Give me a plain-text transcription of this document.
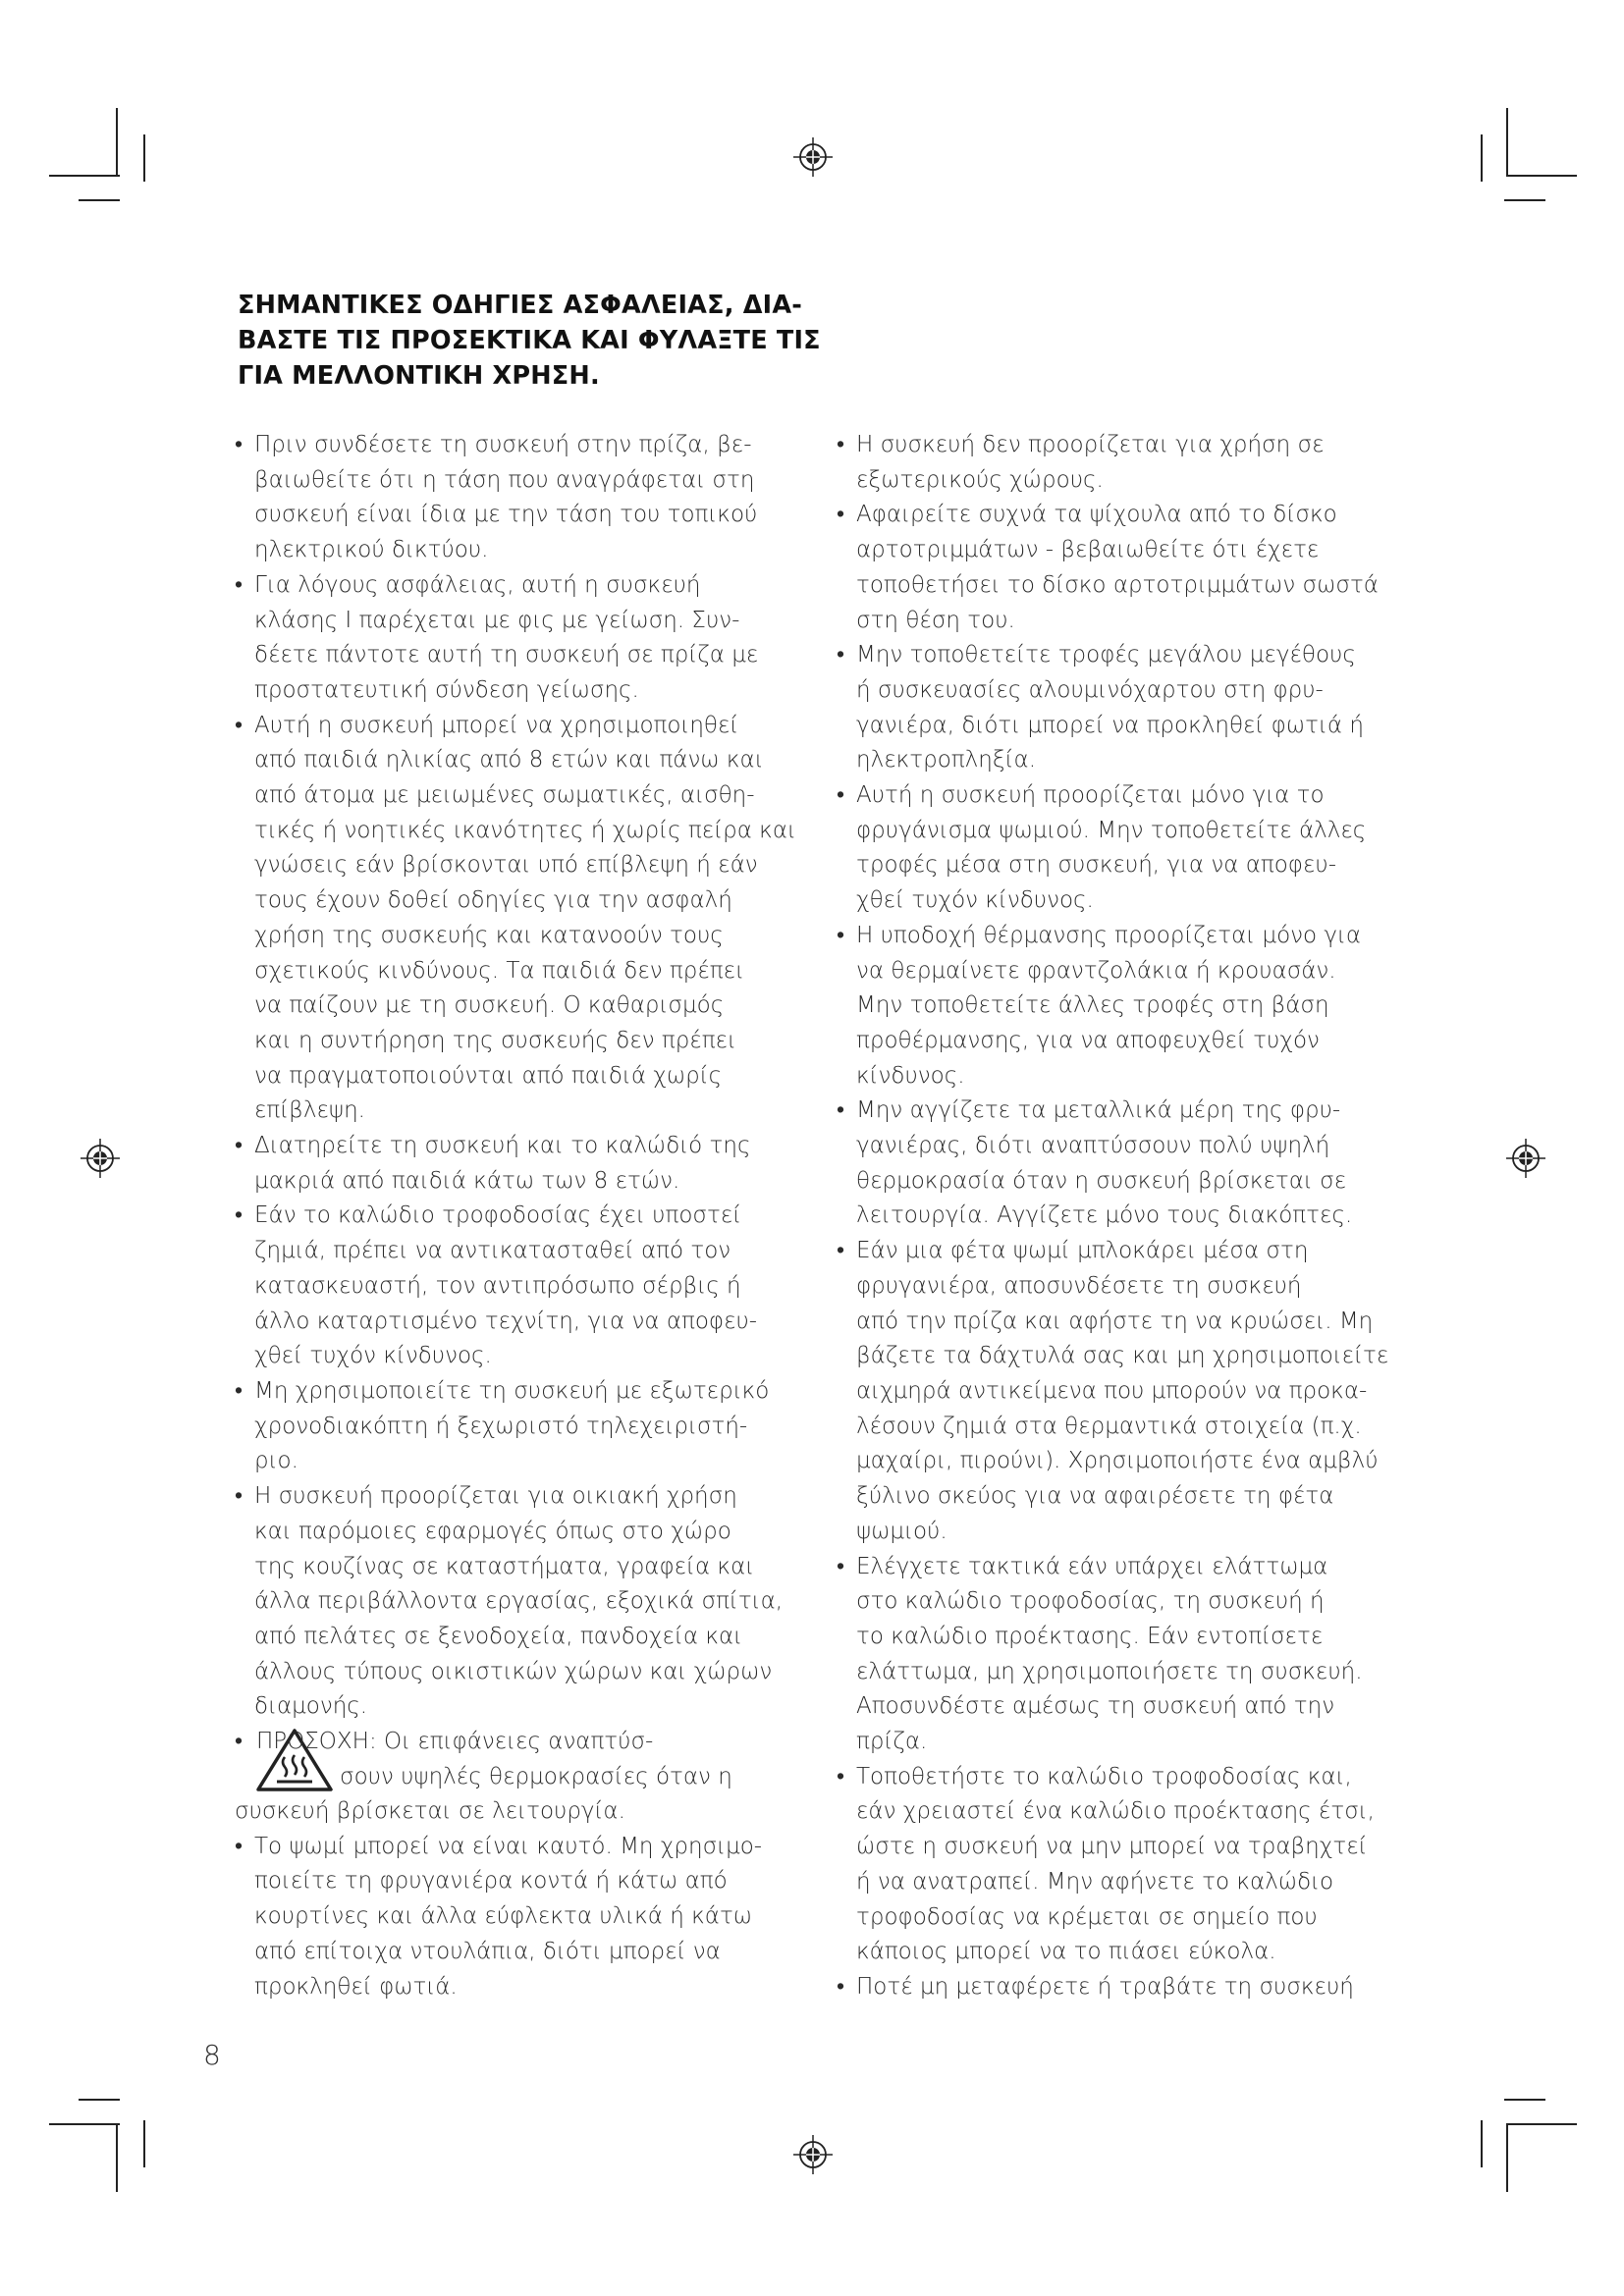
ΣΗΜΑΝΤΙΚΕΣ ΟΔΗΓΙΕΣ ΑΣΦΑΛΕΙΑΣ, ΔΙΑ-
ΒΑΣΤΕ ΤΙΣ ΠΡΟΣΕΚΤΙΚΑ ΚΑΙ ΦΥΛΑΞΤΕ ΤΙΣ
ΓΙΑ ΜΕΛΛΟΝΤΙΚΗ ΧΡΗΣΗ.
• Πριν συνδέσετε τη συσκευή στην πρίζα, βε-
βαιωθείτε ότι η τάση που αναγράφεται στη
συσκευή είναι ίδια με την τάση του τοπικού
ηλεκτρικού δικτύου.
• Για λόγους ασφάλειας, αυτή η συσκευή
κλάσης I παρέχεται με φις με γείωση. Συν-
δέετε πάντοτε αυτή τη συσκευή σε πρίζα με
προστατευτική σύνδεση γείωσης.
• Αυτή η συσκευή μπορεί να χρησιμοποιηθεί
από παιδιά ηλικίας από 8 ετών και πάνω και
από άτομα με μειωμένες σωματικές, αισθη-
τικές ή νοητικές ικανότητες ή χωρίς πείρα και
γνώσεις εάν βρίσκονται υπό επίβλεψη ή εάν
τους έχουν δοθεί οδηγίες για την ασφαλή
χρήση της συσκευής και κατανοούν τους
σχετικούς κινδύνους. Τα παιδιά δεν πρέπει
να παίζουν με τη συσκευή. Ο καθαρισμός
και η συντήρηση της συσκευής δεν πρέπει
να πραγματοποιούνται από παιδιά χωρίς
επίβλεψη.
• Διατηρείτε τη συσκευή και το καλώδιό της
μακριά από παιδιά κάτω των 8 ετών.
• Εάν το καλώδιο τροφοδοσίας έχει υποστεί
ζημιά, πρέπει να αντικατασταθεί από τον
κατασκευαστή, τον αντιπρόσωπο σέρβις ή
άλλο καταρτισμένο τεχνίτη, για να αποφευ-
χθεί τυχόν κίνδυνος.
• Μη χρησιμοποιείτε τη συσκευή με εξωτερικό
χρονοδιακόπτη ή ξεχωριστό τηλεχειριστή-
ριο.
• Η συσκευή προορίζεται για οικιακή χρήση
και παρόμοιες εφαρμογές όπως στο χώρο
της κουζίνας σε καταστήματα, γραφεία και
άλλα περιβάλλοντα εργασίας, εξοχικά σπίτια,
από πελάτες σε ξενοδοχεία, πανδοχεία και
άλλους τύπους οικιστικών χώρων και χώρων
διαμονής.
• ΠΡΟΣΟΧΗ: Οι επιφάνειες αναπτύσ-
σουν υψηλές θερμοκρασίες όταν η
συσκευή βρίσκεται σε λειτουργία.
• Το ψωμί μπορεί να είναι καυτό. Μη χρησιμο-
ποιείτε τη φρυγανιέρα κοντά ή κάτω από
κουρτίνες και άλλα εύφλεκτα υλικά ή κάτω
από επίτοιχα ντουλάπια, διότι μπορεί να
προκληθεί φωτιά.
• Η συσκευή δεν προορίζεται για χρήση σε
εξωτερικούς χώρους.
• Αφαιρείτε συχνά τα ψίχουλα από το δίσκο
αρτοτριμμάτων - βεβαιωθείτε ότι έχετε
τοποθετήσει το δίσκο αρτοτριμμάτων σωστά
στη θέση του.
• Μην τοποθετείτε τροφές μεγάλου μεγέθους
ή συσκευασίες αλουμινόχαρτου στη φρυ-
γανιέρα, διότι μπορεί να προκληθεί φωτιά ή
ηλεκτροπληξία.
• Αυτή η συσκευή προορίζεται μόνο για το
φρυγάνισμα ψωμιού. Μην τοποθετείτε άλλες
τροφές μέσα στη συσκευή, για να αποφευ-
χθεί τυχόν κίνδυνος.
• Η υποδοχή θέρμανσης προορίζεται μόνο για
να θερμαίνετε φραντζολάκια ή κρουασάν.
Μην τοποθετείτε άλλες τροφές στη βάση
προθέρμανσης, για να αποφευχθεί τυχόν
κίνδυνος.
• Μην αγγίζετε τα μεταλλικά μέρη της φρυ-
γανιέρας, διότι αναπτύσσουν πολύ υψηλή
θερμοκρασία όταν η συσκευή βρίσκεται σε
λειτουργία. Αγγίζετε μόνο τους διακόπτες.
• Εάν μια φέτα ψωμί μπλοκάρει μέσα στη
φρυγανιέρα, αποσυνδέσετε τη συσκευή
από την πρίζα και αφήστε τη να κρυώσει. Μη
βάζετε τα δάχτυλά σας και μη χρησιμοποιείτε
αιχμηρά αντικείμενα που μπορούν να προκα-
λέσουν ζημιά στα θερμαντικά στοιχεία (π.χ.
μαχαίρι, πιρούνι). Χρησιμοποιήστε ένα αμβλύ
ξύλινο σκεύος για να αφαιρέσετε τη φέτα
ψωμιού.
• Ελέγχετε τακτικά εάν υπάρχει ελάττωμα
στο καλώδιο τροφοδοσίας, τη συσκευή ή
το καλώδιο προέκτασης. Εάν εντοπίσετε
ελάττωμα, μη χρησιμοποιήσετε τη συσκευή.
Αποσυνδέστε αμέσως τη συσκευή από την
πρίζα.
• Τοποθετήστε το καλώδιο τροφοδοσίας και,
εάν χρειαστεί ένα καλώδιο προέκτασης έτσι,
ώστε η συσκευή να μην μπορεί να τραβηχτεί
ή να ανατραπεί. Μην αφήνετε το καλώδιο
τροφοδοσίας να κρέμεται σε σημείο που
κάποιος μπορεί να το πιάσει εύκολα.
• Ποτέ μη μεταφέρετε ή τραβάτε τη συσκευή
8
